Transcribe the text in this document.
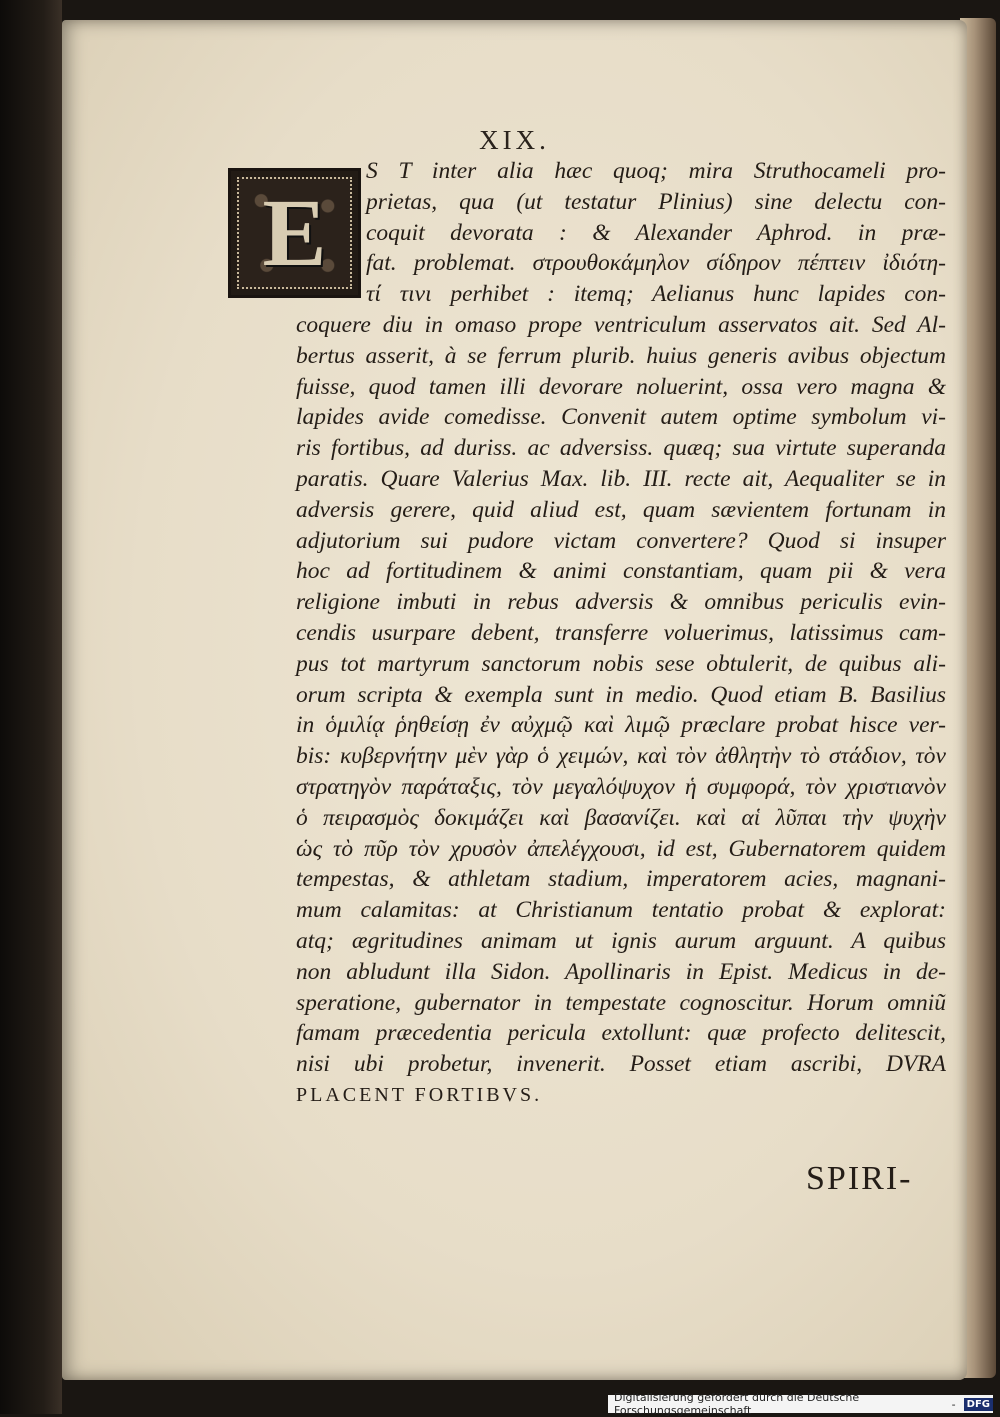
XIX.
E
S T inter alia hæc quoq; mira Struthocameli pro-
prietas, qua (ut testatur Plinius) sine delectu con-
coquit devorata : & Alexander Aphrod. in præ-
fat. problemat. στρουθοκάμηλον σίδηρον πέπτειν ἰδιότη-
τί τινι perhibet : itemq; Aelianus hunc lapides con-
coquere diu in omaso prope ventriculum asservatos ait. Sed Al-
bertus asserit, à se ferrum plurib. huius generis avibus objectum
fuisse, quod tamen illi devorare noluerint, ossa vero magna &
lapides avide comedisse. Convenit autem optime symbolum vi-
ris fortibus, ad duriss. ac adversiss. quæq; sua virtute superanda
paratis. Quare Valerius Max. lib. III. recte ait, Aequaliter se in
adversis gerere, quid aliud est, quam sævientem fortunam in
adjutorium sui pudore victam convertere? Quod si insuper
hoc ad fortitudinem & animi constantiam, quam pii & vera
religione imbuti in rebus adversis & omnibus periculis evin-
cendis usurpare debent, transferre voluerimus, latissimus cam-
pus tot martyrum sanctorum nobis sese obtulerit, de quibus ali-
orum scripta & exempla sunt in medio. Quod etiam B. Basilius
in ὁμιλίᾳ ῥηθείσῃ ἐν αὐχμῷ καὶ λιμῷ præclare probat hisce ver-
bis: κυβερνήτην μὲν γὰρ ὁ χειμών, καὶ τὸν ἀθλητὴν τὸ στάδιον, τὸν
στρατηγὸν παράταξις, τὸν μεγαλόψυχον ἡ συμφορά, τὸν χριστιανὸν
ὁ πειρασμὸς δοκιμάζει καὶ βασανίζει. καὶ αἱ λῦπαι τὴν ψυχὴν
ὡς τὸ πῦρ τὸν χρυσὸν ἀπελέγχουσι, id est, Gubernatorem quidem
tempestas, & athletam stadium, imperatorem acies, magnani-
mum calamitas: at Christianum tentatio probat & explorat:
atq; ægritudines animam ut ignis aurum arguunt. A quibus
non abludunt illa Sidon. Apollinaris in Epist. Medicus in de-
speratione, gubernator in tempestate cognoscitur. Horum omniũ
famam præcedentia pericula extollunt: quæ profecto delitescit,
nisi ubi probetur, invenerit. Posset etiam ascribi, DVRA
PLACENT FORTIBVS.
SPIRI-
Digitalisierung gefördert durch die Deutsche Forschungsgemeinschaft	-	DFG
